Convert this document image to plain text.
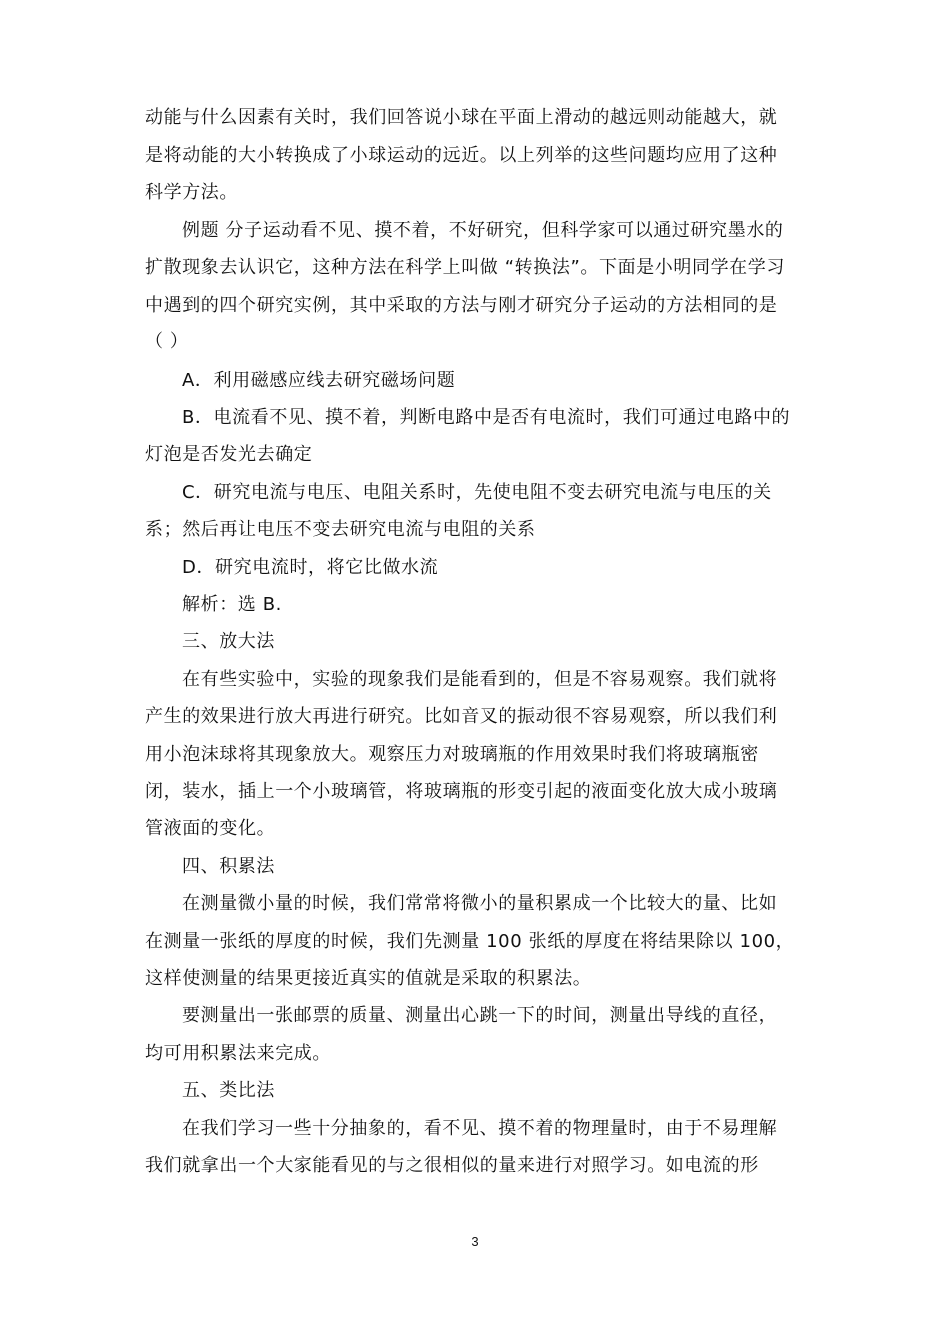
动能与什么因素有关时，我们回答说小球在平面上滑动的越远则动能越大，就
是将动能的大小转换成了小球运动的远近。以上列举的这些问题均应用了这种
科学方法。
例题 分子运动看不见、摸不着，不好研究，但科学家可以通过研究墨水的
扩散现象去认识它，这种方法在科学上叫做 “转换法”。下面是小明同学在学习
中遇到的四个研究实例，其中采取的方法与刚才研究分子运动的方法相同的是
（ ）
A．利用磁感应线去研究磁场问题
B．电流看不见、摸不着，判断电路中是否有电流时，我们可通过电路中的
灯泡是否发光去确定
C．研究电流与电压、电阻关系时，先使电阻不变去研究电流与电压的关
系；然后再让电压不变去研究电流与电阻的关系
D．研究电流时，将它比做水流
解析：选 B.
三、放大法
在有些实验中，实验的现象我们是能看到的，但是不容易观察。我们就将
产生的效果进行放大再进行研究。比如音叉的振动很不容易观察，所以我们利
用小泡沫球将其现象放大。观察压力对玻璃瓶的作用效果时我们将玻璃瓶密
闭，装水，插上一个小玻璃管，将玻璃瓶的形变引起的液面变化放大成小玻璃
管液面的变化。
四、积累法
在测量微小量的时候，我们常常将微小的量积累成一个比较大的量、比如
在测量一张纸的厚度的时候，我们先测量 100 张纸的厚度在将结果除以 100，
这样使测量的结果更接近真实的值就是采取的积累法。
要测量出一张邮票的质量、测量出心跳一下的时间，测量出导线的直径，
均可用积累法来完成。
五、类比法
在我们学习一些十分抽象的，看不见、摸不着的物理量时，由于不易理解
我们就拿出一个大家能看见的与之很相似的量来进行对照学习。如电流的形
3
